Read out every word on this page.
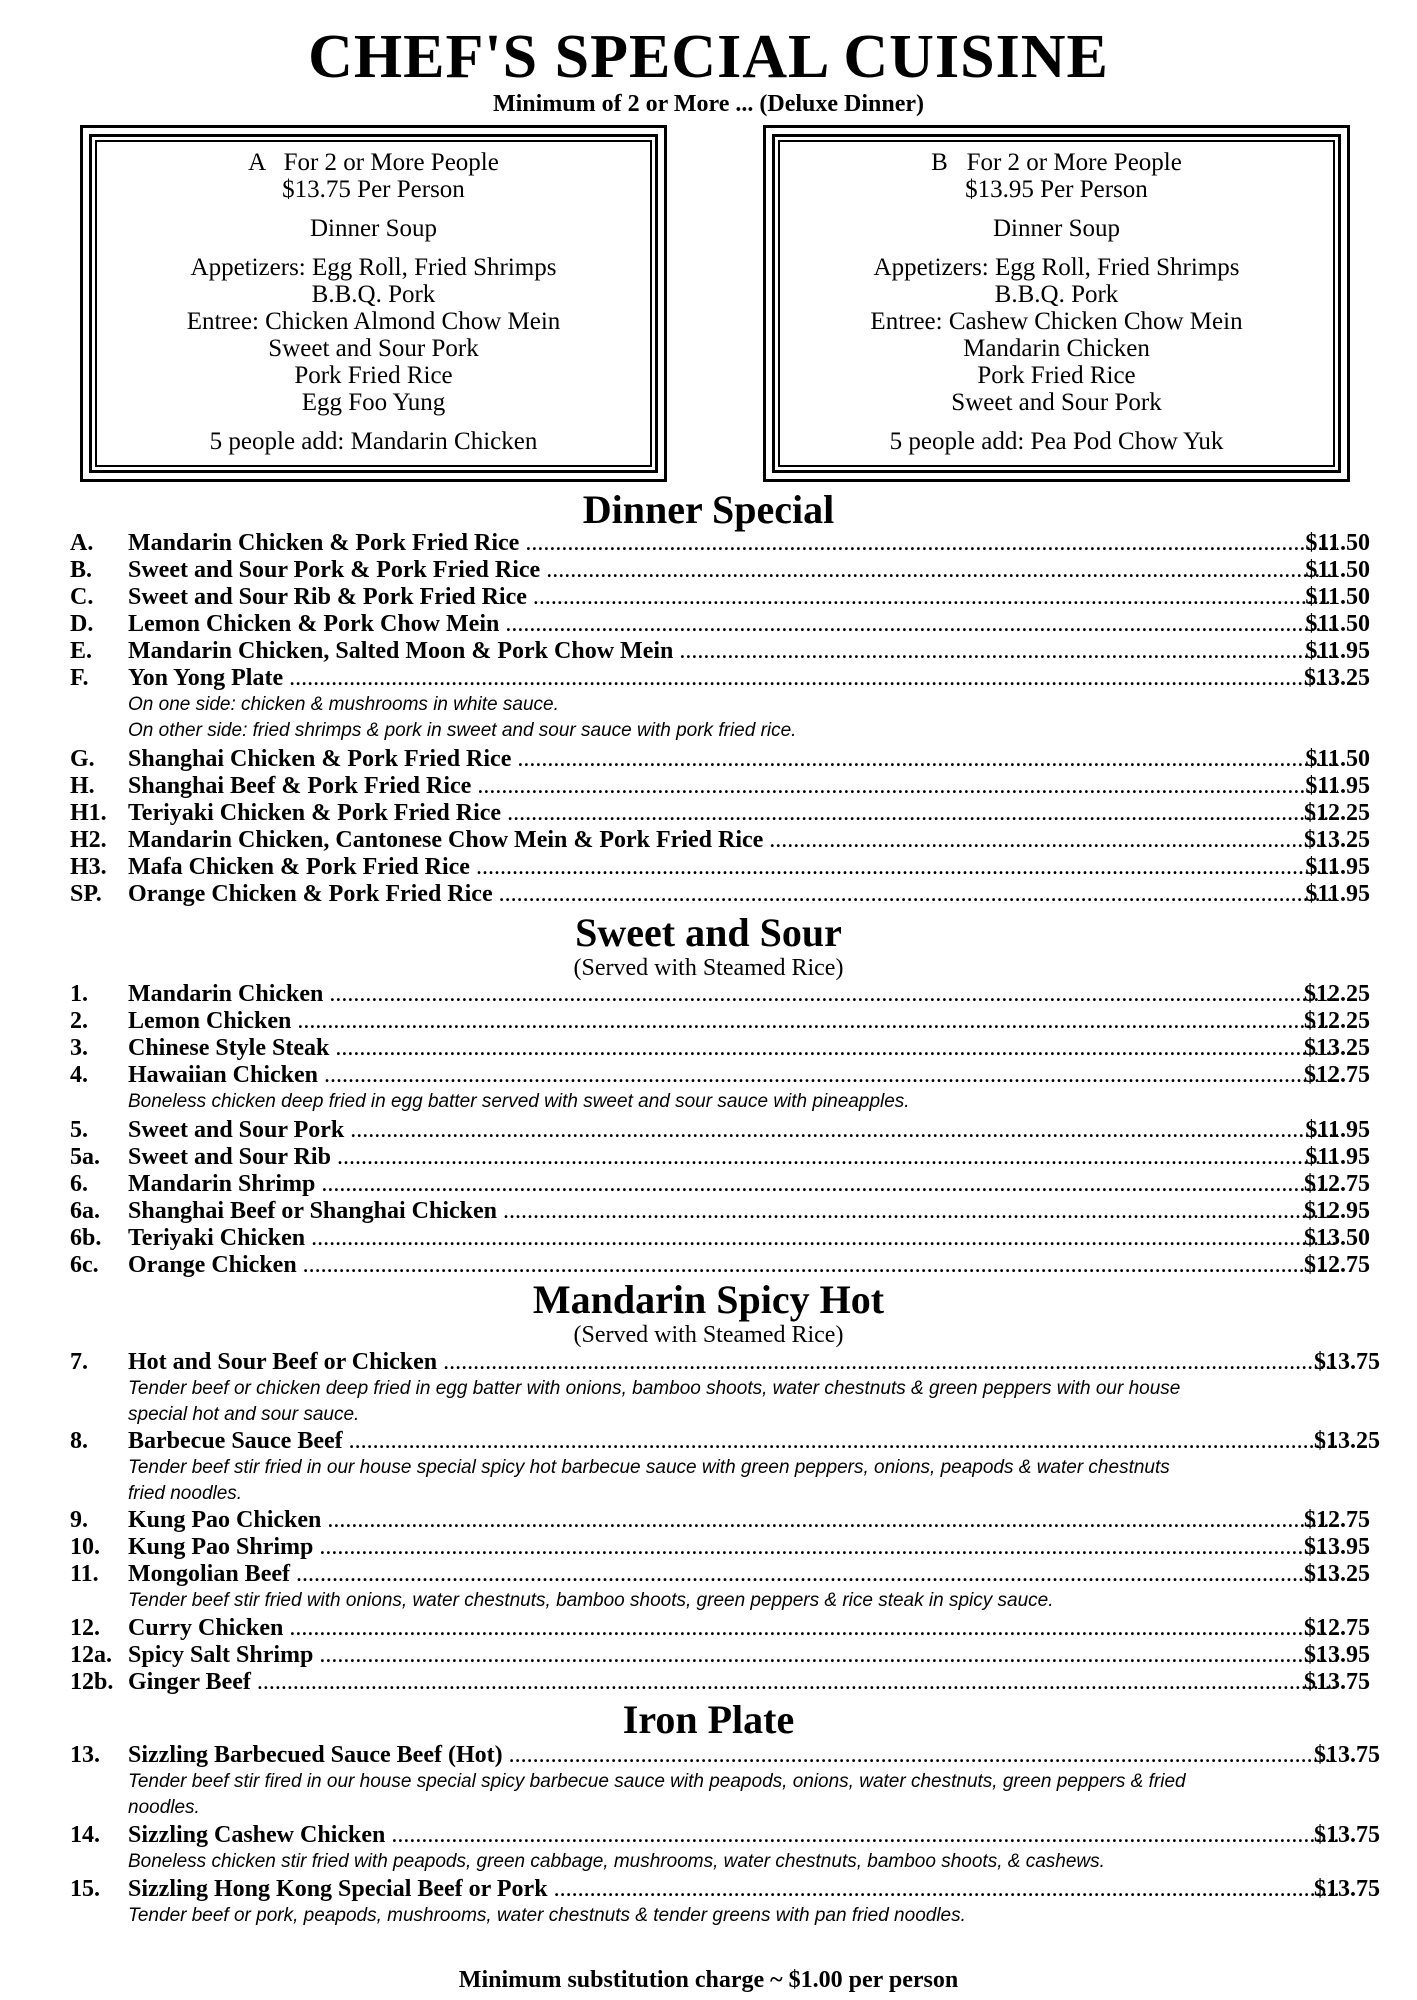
CHEF'S SPECIAL CUISINE
Minimum of 2 or More ... (Deluxe Dinner)
A   For 2 or More People
$13.75 Per Person
Dinner Soup
Appetizers: Egg Roll, Fried Shrimps
B.B.Q. Pork
Entree: Chicken Almond Chow Mein
Sweet and Sour Pork
Pork Fried Rice
Egg Foo Yung
5 people add: Mandarin Chicken
B   For 2 or More People
$13.95 Per Person
Dinner Soup
Appetizers: Egg Roll, Fried Shrimps
B.B.Q. Pork
Entree: Cashew Chicken Chow Mein
Mandarin Chicken
Pork Fried Rice
Sweet and Sour Pork
5 people add: Pea Pod Chow Yuk
Dinner Special
A. Mandarin Chicken & Pork Fried Rice .....	$11.50
B. Sweet and Sour Pork & Pork Fried Rice .....	$11.50
C. Sweet and Sour Rib & Pork Fried Rice .....	$11.50
D. Lemon Chicken & Pork Chow Mein .....	$11.50
E. Mandarin Chicken, Salted Moon & Pork Chow Mein .....	$11.95
F. Yon Yong Plate .....	$13.25
On one side: chicken & mushrooms in white sauce.
On other side: fried shrimps & pork in sweet and sour sauce with pork fried rice.
G. Shanghai Chicken & Pork Fried Rice .....	$11.50
H. Shanghai Beef & Pork Fried Rice .....	$11.95
H1. Teriyaki Chicken & Pork Fried Rice .....	$12.25
H2. Mandarin Chicken, Cantonese Chow Mein & Pork Fried Rice .....	$13.25
H3. Mafa Chicken & Pork Fried Rice .....	$11.95
SP. Orange Chicken & Pork Fried Rice .....	$11.95
Sweet and Sour
(Served with Steamed Rice)
1. Mandarin Chicken .....	$12.25
2. Lemon Chicken .....	$12.25
3. Chinese Style Steak .....	$13.25
4. Hawaiian Chicken .....	$12.75
Boneless chicken deep fried in egg batter served with sweet and sour sauce with pineapples.
5. Sweet and Sour Pork .....	$11.95
5a. Sweet and Sour Rib .....	$11.95
6. Mandarin Shrimp .....	$12.75
6a. Shanghai Beef or Shanghai Chicken .....	$12.95
6b. Teriyaki Chicken .....	$13.50
6c. Orange Chicken .....	$12.75
Mandarin Spicy Hot
(Served with Steamed Rice)
7. Hot and Sour Beef or Chicken .....	$13.75
Tender beef or chicken deep fried in egg batter with onions, bamboo shoots, water chestnuts & green peppers with our house
special hot and sour sauce.
8. Barbecue Sauce Beef .....	$13.25
Tender beef stir fried in our house special spicy hot barbecue sauce with green peppers, onions, peapods & water chestnuts
fried noodles.
9. Kung Pao Chicken .....	$12.75
10. Kung Pao Shrimp .....	$13.95
11. Mongolian Beef .....	$13.25
Tender beef stir fried with onions, water chestnuts, bamboo shoots, green peppers & rice steak in spicy sauce.
12. Curry Chicken .....	$12.75
12a. Spicy Salt Shrimp .....	$13.95
12b. Ginger Beef .....	$13.75
Iron Plate
13. Sizzling Barbecued Sauce Beef (Hot) .....	$13.75
Tender beef stir fired in our house special spicy barbecue sauce with peapods, onions, water chestnuts, green peppers & fried
noodles.
14. Sizzling Cashew Chicken .....	$13.75
Boneless chicken stir fried with peapods, green cabbage, mushrooms, water chestnuts, bamboo shoots, & cashews.
15. Sizzling Hong Kong Special Beef or Pork .....	$13.75
Tender beef or pork, peapods, mushrooms, water chestnuts & tender greens with pan fried noodles.
Minimum substitution charge ~ $1.00 per person
